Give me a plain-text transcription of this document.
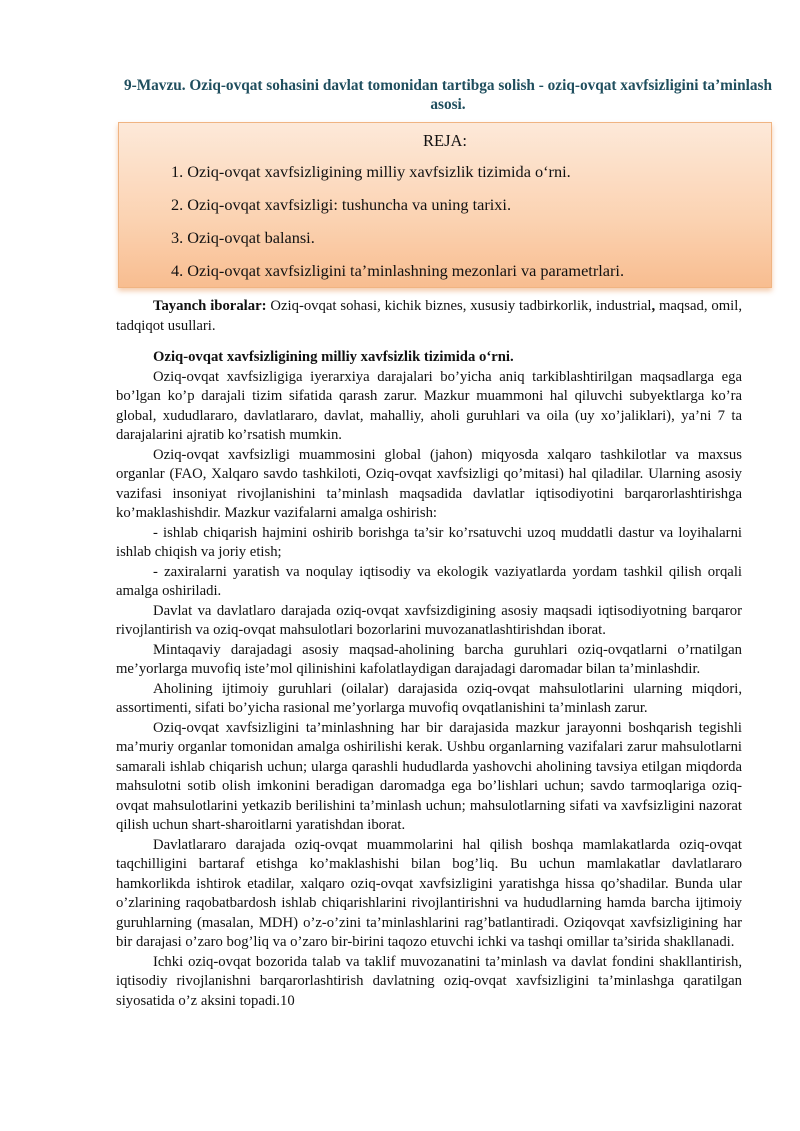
9-Mavzu. Oziq-ovqat sohasini davlat tomonidan tartibga solish - oziq-ovqat xavfsizligini ta’minlash asosi.
REJA:
1. Oziq-ovqat xavfsizligining milliy xavfsizlik tizimida o‘rni.
2. Oziq-ovqat xavfsizligi: tushuncha va uning tarixi.
3. Oziq-ovqat balansi.
4. Oziq-ovqat xavfsizligini ta’minlashning mezonlari va parametrlari.

Tayanch iboralar: Oziq-ovqat sohasi, kichik biznes, xususiy tadbirkorlik, industrial, maqsad, omil, tadqiqot usullari.

Oziq-ovqat xavfsizligining milliy xavfsizlik tizimida o‘rni.

Oziq-ovqat xavfsizligiga iyerarxiya darajalari bo’yicha aniq tarkiblashtirilgan maqsadlarga ega bo’lgan ko’p darajali tizim sifatida qarash zarur. Mazkur muammoni hal qiluvchi subyektlarga ko’ra global, xududlararo, davlatlararo, davlat, mahalliy, aholi guruhlari va oila (uy xo’jaliklari), ya’ni 7 ta darajalarini ajratib ko’rsatish mumkin.

Oziq-ovqat xavfsizligi muammosini global (jahon) miqyosda xalqaro tashkilotlar va maxsus organlar (FAO, Xalqaro savdo tashkiloti, Oziq-ovqat xavfsizligi qo’mitasi) hal qiladilar. Ularning asosiy vazifasi insoniyat rivojlanishini ta’minlash maqsadida davlatlar iqtisodiyotini barqarorlashtirishga ko’maklashishdir. Mazkur vazifalarni amalga oshirish:

- ishlab chiqarish hajmini oshirib borishga ta’sir ko’rsatuvchi uzoq muddatli dastur va loyihalarni ishlab chiqish va joriy etish;

- zaxiralarni yaratish va noqulay iqtisodiy va ekologik vaziyatlarda yordam tashkil qilish orqali amalga oshiriladi.

Davlat va davlatlaro darajada oziq-ovqat xavfsizdigining asosiy maqsadi iqtisodiyotning barqaror rivojlantirish va oziq-ovqat mahsulotlari bozorlarini muvozanatlashtirishdan iborat.

Mintaqaviy darajadagi asosiy maqsad-aholining barcha guruhlari oziq-ovqatlarni o’rnatilgan me’yorlarga muvofiq iste’mol qilinishini kafolatlaydigan darajadagi daromadar bilan ta’minlashdir.

Aholining ijtimoiy guruhlari (oilalar) darajasida oziq-ovqat mahsulotlarini ularning miqdori, assortimenti, sifati bo’yicha rasional me’yorlarga muvofiq ovqatlanishini ta’minlash zarur.

Oziq-ovqat xavfsizligini ta’minlashning har bir darajasida mazkur jarayonni boshqarish tegishli ma’muriy organlar tomonidan amalga oshirilishi kerak. Ushbu organlarning vazifalari zarur mahsulotlarni samarali ishlab chiqarish uchun; ularga qarashli hududlarda yashovchi aholining tavsiya etilgan miqdorda mahsulotni sotib olish imkonini beradigan daromadga ega bo’lishlari uchun; savdo tarmoqlariga oziq-ovqat mahsulotlarini yetkazib berilishini ta’minlash uchun; mahsulotlarning sifati va xavfsizligini nazorat qilish uchun shart-sharoitlarni yaratishdan iborat.

Davlatlararo darajada oziq-ovqat muammolarini hal qilish boshqa mamlakatlarda oziq-ovqat taqchilligini bartaraf etishga ko’maklashishi bilan bog’liq. Bu uchun mamlakatlar davlatlararo hamkorlikda ishtirok etadilar, xalqaro oziq-ovqat xavfsizligini yaratishga hissa qo’shadilar. Bunda ular o’zlarining raqobatbardosh ishlab chiqarishlarini rivojlantirishni va hududlarning hamda barcha ijtimoiy guruhlarning (masalan, MDH) o’z-o’zini ta’minlashlarini rag’batlantiradi. Oziqovqat xavfsizligining har bir darajasi o’zaro bog’liq va o’zaro bir-birini taqozo etuvchi ichki va tashqi omillar ta’sirida shakllanadi.

Ichki oziq-ovqat bozorida talab va taklif muvozanatini ta’minlash va davlat fondini shakllantirish, iqtisodiy rivojlanishni barqarorlashtirish davlatning oziq-ovqat xavfsizligini ta’minlashga qaratilgan siyosatida o’z aksini topadi.10
